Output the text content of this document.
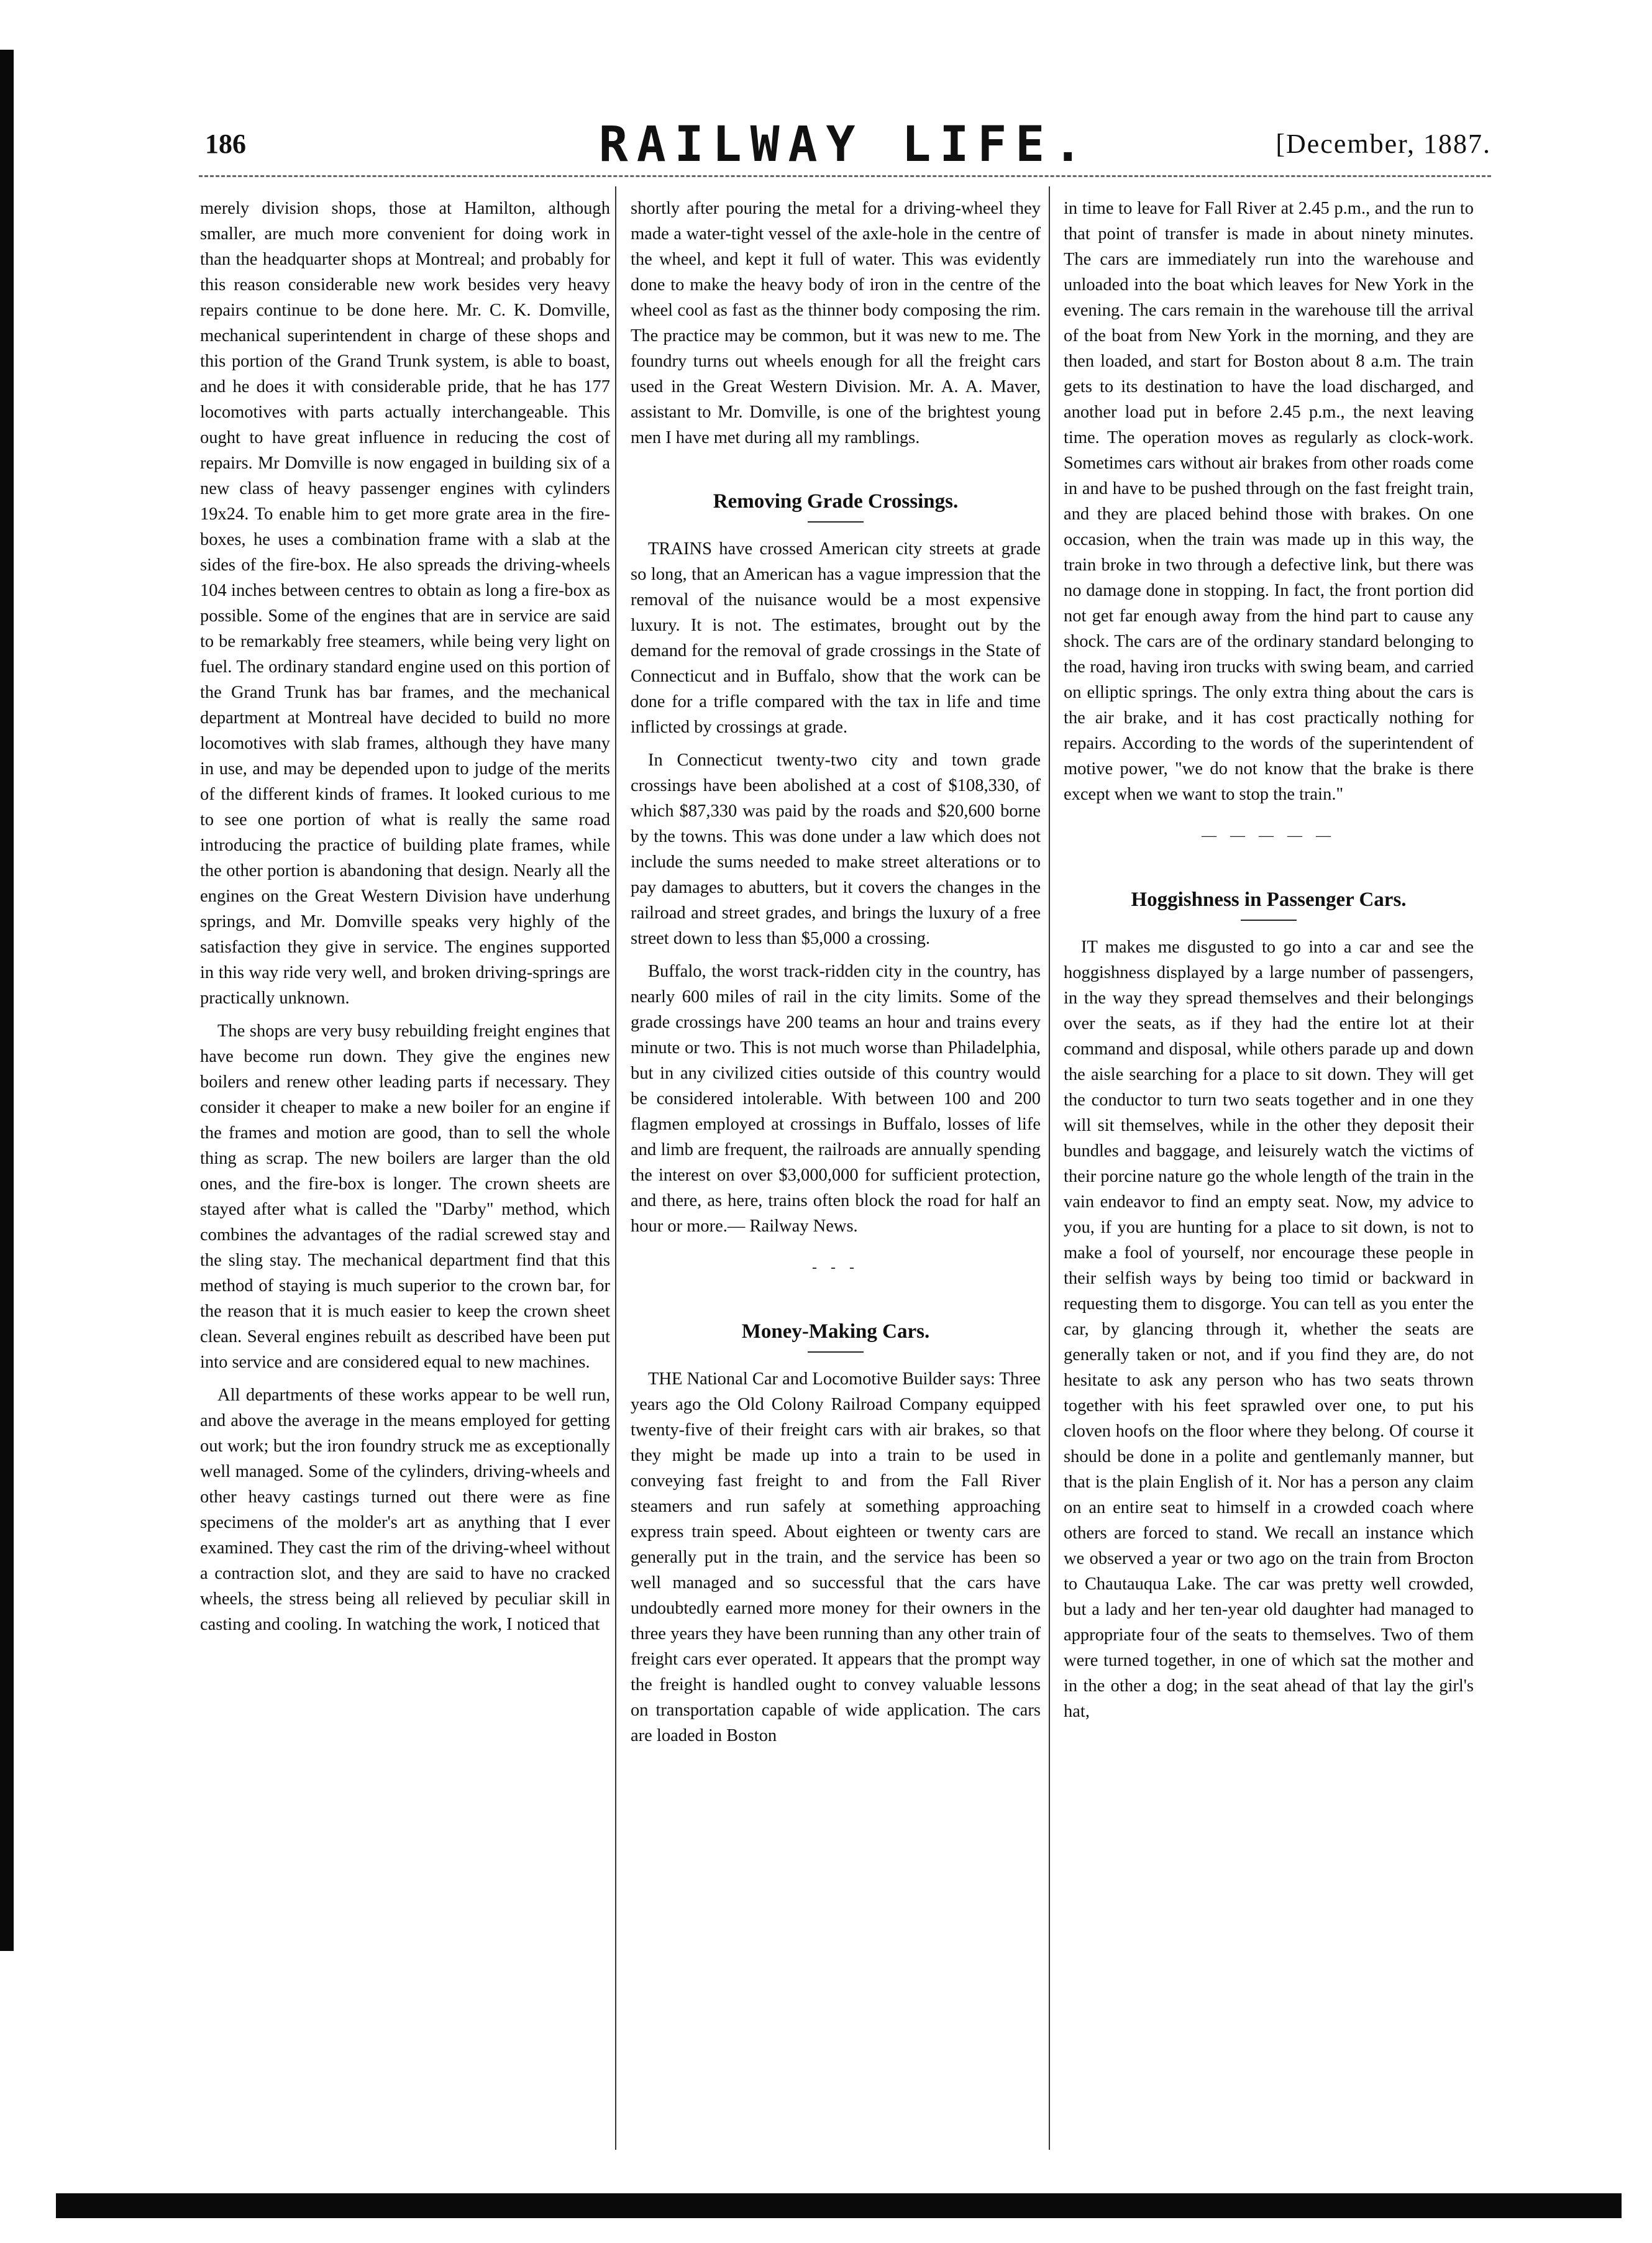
186	RAILWAY LIFE.	[December, 1887.

merely division shops, those at Hamilton, although smaller, are much more convenient for doing work in than the headquarter shops at Montreal; and probably for this reason considerable new work besides very heavy repairs continue to be done here. Mr. C. K. Domville, mechanical superintendent in charge of these shops and this portion of the Grand Trunk system, is able to boast, and he does it with considerable pride, that he has 177 locomotives with parts actually interchangeable. This ought to have great influence in reducing the cost of repairs. Mr Domville is now engaged in building six of a new class of heavy passenger engines with cylinders 19x24. To enable him to get more grate area in the fire-boxes, he uses a combination frame with a slab at the sides of the fire-box. He also spreads the driving-wheels 104 inches between centres to obtain as long a fire-box as possible. Some of the engines that are in service are said to be remarkably free steamers, while being very light on fuel. The ordinary standard engine used on this portion of the Grand Trunk has bar frames, and the mechanical department at Montreal have decided to build no more locomotives with slab frames, although they have many in use, and may be depended upon to judge of the merits of the different kinds of frames. It looked curious to me to see one portion of what is really the same road introducing the practice of building plate frames, while the other portion is abandoning that design. Nearly all the engines on the Great Western Division have underhung springs, and Mr. Domville speaks very highly of the satisfaction they give in service. The engines supported in this way ride very well, and broken driving-springs are practically unknown.

The shops are very busy rebuilding freight engines that have become run down. They give the engines new boilers and renew other leading parts if necessary. They consider it cheaper to make a new boiler for an engine if the frames and motion are good, than to sell the whole thing as scrap. The new boilers are larger than the old ones, and the fire-box is longer. The crown sheets are stayed after what is called the "Darby" method, which combines the advantages of the radial screwed stay and the sling stay. The mechanical department find that this method of staying is much superior to the crown bar, for the reason that it is much easier to keep the crown sheet clean. Several engines rebuilt as described have been put into service and are considered equal to new machines.

All departments of these works appear to be well run, and above the average in the means employed for getting out work; but the iron foundry struck me as exceptionally well managed. Some of the cylinders, driving-wheels and other heavy castings turned out there were as fine specimens of the molder's art as anything that I ever examined. They cast the rim of the driving-wheel without a contraction slot, and they are said to have no cracked wheels, the stress being all relieved by peculiar skill in casting and cooling. In watching the work, I noticed that

shortly after pouring the metal for a driving-wheel they made a water-tight vessel of the axle-hole in the centre of the wheel, and kept it full of water. This was evidently done to make the heavy body of iron in the centre of the wheel cool as fast as the thinner body composing the rim. The practice may be common, but it was new to me. The foundry turns out wheels enough for all the freight cars used in the Great Western Division. Mr. A. A. Maver, assistant to Mr. Domville, is one of the brightest young men I have met during all my ramblings.

Removing Grade Crossings.

TRAINS have crossed American city streets at grade so long, that an American has a vague impression that the removal of the nuisance would be a most expensive luxury. It is not. The estimates, brought out by the demand for the removal of grade crossings in the State of Connecticut and in Buffalo, show that the work can be done for a trifle compared with the tax in life and time inflicted by crossings at grade.

In Connecticut twenty-two city and town grade crossings have been abolished at a cost of $108,330, of which $87,330 was paid by the roads and $20,600 borne by the towns. This was done under a law which does not include the sums needed to make street alterations or to pay damages to abutters, but it covers the changes in the railroad and street grades, and brings the luxury of a free street down to less than $5,000 a crossing.

Buffalo, the worst track-ridden city in the country, has nearly 600 miles of rail in the city limits. Some of the grade crossings have 200 teams an hour and trains every minute or two. This is not much worse than Philadelphia, but in any civilized cities outside of this country would be considered intolerable. With between 100 and 200 flagmen employed at crossings in Buffalo, losses of life and limb are frequent, the railroads are annually spending the interest on over $3,000,000 for sufficient protection, and there, as here, trains often block the road for half an hour or more.— Railway News.

- - -
Money-Making Cars.

THE National Car and Locomotive Builder says: Three years ago the Old Colony Railroad Company equipped twenty-five of their freight cars with air brakes, so that they might be made up into a train to be used in conveying fast freight to and from the Fall River steamers and run safely at something approaching express train speed. About eighteen or twenty cars are generally put in the train, and the service has been so well managed and so successful that the cars have undoubtedly earned more money for their owners in the three years they have been running than any other train of freight cars ever operated. It appears that the prompt way the freight is handled ought to convey valuable lessons on transportation capable of wide application. The cars are loaded in Boston

in time to leave for Fall River at 2.45 p.m., and the run to that point of transfer is made in about ninety minutes. The cars are immediately run into the warehouse and unloaded into the boat which leaves for New York in the evening. The cars remain in the warehouse till the arrival of the boat from New York in the morning, and they are then loaded, and start for Boston about 8 a.m. The train gets to its destination to have the load discharged, and another load put in before 2.45 p.m., the next leaving time. The operation moves as regularly as clock-work. Sometimes cars without air brakes from other roads come in and have to be pushed through on the fast freight train, and they are placed behind those with brakes. On one occasion, when the train was made up in this way, the train broke in two through a defective link, but there was no damage done in stopping. In fact, the front portion did not get far enough away from the hind part to cause any shock. The cars are of the ordinary standard belonging to the road, having iron trucks with swing beam, and carried on elliptic springs. The only extra thing about the cars is the air brake, and it has cost practically nothing for repairs. According to the words of the superintendent of motive power, "we do not know that the brake is there except when we want to stop the train."

— — — — —
Hoggishness in Passenger Cars.

IT makes me disgusted to go into a car and see the hoggishness displayed by a large number of passengers, in the way they spread themselves and their belongings over the seats, as if they had the entire lot at their command and disposal, while others parade up and down the aisle searching for a place to sit down. They will get the conductor to turn two seats together and in one they will sit themselves, while in the other they deposit their bundles and baggage, and leisurely watch the victims of their porcine nature go the whole length of the train in the vain endeavor to find an empty seat. Now, my advice to you, if you are hunting for a place to sit down, is not to make a fool of yourself, nor encourage these people in their selfish ways by being too timid or backward in requesting them to disgorge. You can tell as you enter the car, by glancing through it, whether the seats are generally taken or not, and if you find they are, do not hesitate to ask any person who has two seats thrown together with his feet sprawled over one, to put his cloven hoofs on the floor where they belong. Of course it should be done in a polite and gentlemanly manner, but that is the plain English of it. Nor has a person any claim on an entire seat to himself in a crowded coach where others are forced to stand. We recall an instance which we observed a year or two ago on the train from Brocton to Chautauqua Lake. The car was pretty well crowded, but a lady and her ten-year old daughter had managed to appropriate four of the seats to themselves. Two of them were turned together, in one of which sat the mother and in the other a dog; in the seat ahead of that lay the girl's hat,
